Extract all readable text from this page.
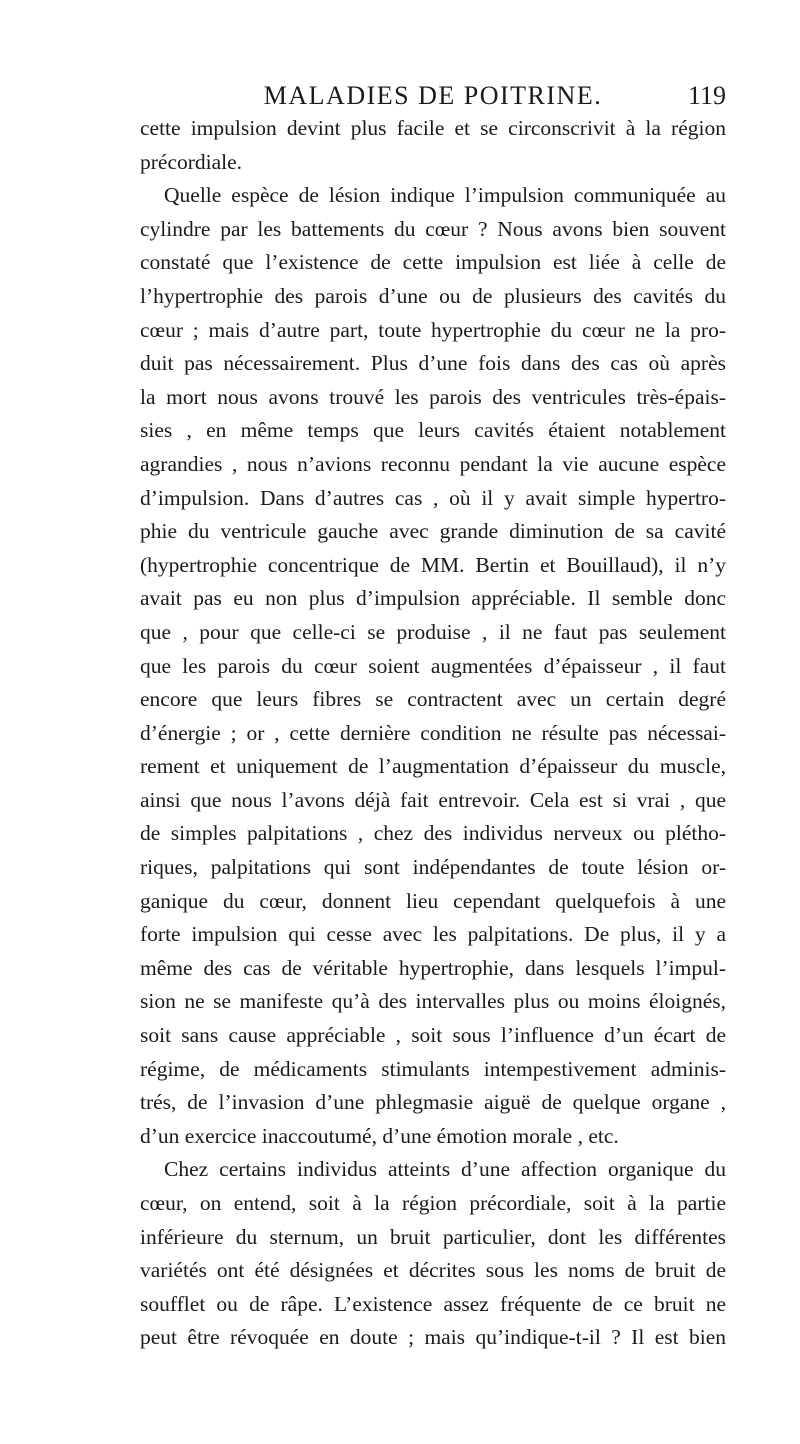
MALADIES DE POITRINE.	119
cette impulsion devint plus facile et se circonscrivit à la région
précordiale.
Quelle espèce de lésion indique l’impulsion communiquée au
cylindre par les battements du cœur ? Nous avons bien souvent
constaté que l’existence de cette impulsion est liée à celle de
l’hypertrophie des parois d’une ou de plusieurs des cavités du
cœur ; mais d’autre part, toute hypertrophie du cœur ne la pro-
duit pas nécessairement. Plus d’une fois dans des cas où après
la mort nous avons trouvé les parois des ventricules très-épais-
sies , en même temps que leurs cavités étaient notablement
agrandies , nous n’avions reconnu pendant la vie aucune espèce
d’impulsion. Dans d’autres cas , où il y avait simple hypertro-
phie du ventricule gauche avec grande diminution de sa cavité
(hypertrophie concentrique de MM. Bertin et Bouillaud), il n’y
avait pas eu non plus d’impulsion appréciable. Il semble donc
que , pour que celle-ci se produise , il ne faut pas seulement
que les parois du cœur soient augmentées d’épaisseur , il faut
encore que leurs fibres se contractent avec un certain degré
d’énergie ; or , cette dernière condition ne résulte pas nécessai-
rement et uniquement de l’augmentation d’épaisseur du muscle,
ainsi que nous l’avons déjà fait entrevoir. Cela est si vrai , que
de simples palpitations , chez des individus nerveux ou plétho-
riques, palpitations qui sont indépendantes de toute lésion or-
ganique du cœur, donnent lieu cependant quelquefois à une
forte impulsion qui cesse avec les palpitations. De plus, il y a
même des cas de véritable hypertrophie, dans lesquels l’impul-
sion ne se manifeste qu’à des intervalles plus ou moins éloignés,
soit sans cause appréciable , soit sous l’influence d’un écart de
régime, de médicaments stimulants intempestivement adminis-
trés, de l’invasion d’une phlegmasie aiguë de quelque organe ,
d’un exercice inaccoutumé, d’une émotion morale , etc.
Chez certains individus atteints d’une affection organique du
cœur, on entend, soit à la région précordiale, soit à la partie
inférieure du sternum, un bruit particulier, dont les différentes
variétés ont été désignées et décrites sous les noms de bruit de
soufflet ou de râpe. L’existence assez fréquente de ce bruit ne
peut être révoquée en doute ; mais qu’indique-t-il ? Il est bien
